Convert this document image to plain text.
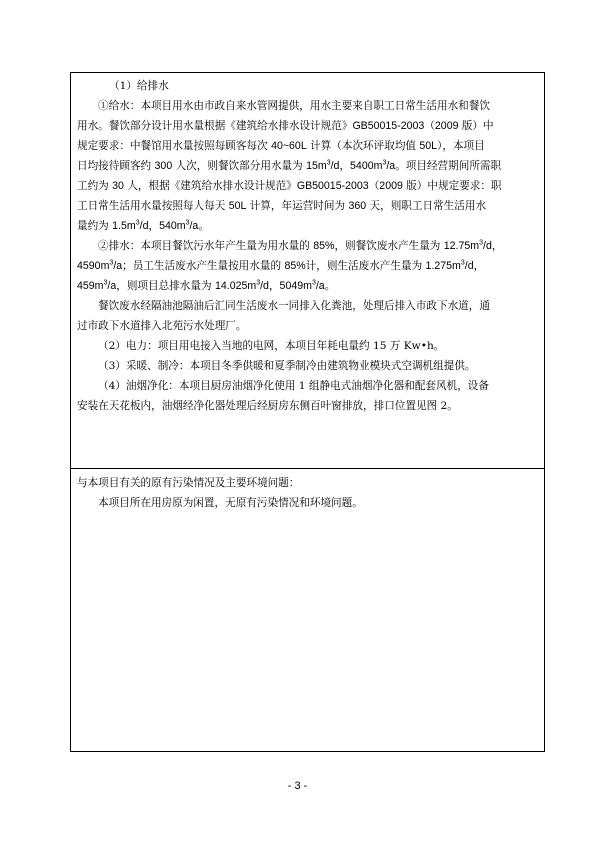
（1）给排水

①给水：本项目用水由市政自来水管网提供，用水主要来自职工日常生活用水和餐饮
用水。餐饮部分设计用水量根据《建筑给水排水设计规范》GB50015-2003（2009 版）中
规定要求：中餐馆用水量按照每顾客每次 40~60L 计算（本次环评取均值 50L），本项目
日均接待顾客约 300 人次，则餐饮部分用水量为 $15m^3/d$，$5400m^3/a$。项目经营期间所需职
工约为 30 人，根据《建筑给水排水设计规范》GB50015-2003（2009 版）中规定要求：职
工日常生活用水量按照每人每天 50L 计算，年运营时间为 360 天，则职工日常生活用水
量约为 $1.5m^3/d$，$540m^3/a$。

②排水：本项目餐饮污水年产生量为用水量的 85%，则餐饮废水产生量为 $12.75m^3/d$，
$4590m^3/a$；员工生活废水产生量按用水量的 85%计，则生活废水产生量为 $1.275m^3/d$，
$459m^3/a$，则项目总排水量为 $14.025m^3/d$，$5049m^3/a$。

餐饮废水经隔油池隔油后汇同生活废水一同排入化粪池，处理后排入市政下水道，通
过市政下水道排入北苑污水处理厂。

（2）电力：项目用电接入当地的电网，本项目年耗电量约 15 万 Kw•h。

（3）采暖、制冷：本项目冬季供暖和夏季制冷由建筑物业模块式空调机组提供。

（4）油烟净化：本项目厨房油烟净化使用 1 组静电式油烟净化器和配套风机，设备
安装在天花板内，油烟经净化器处理后经厨房东侧百叶窗排放，排口位置见图 2。

与本项目有关的原有污染情况及主要环境问题：

本项目所在用房原为闲置，无原有污染情况和环境问题。

- 3 -
